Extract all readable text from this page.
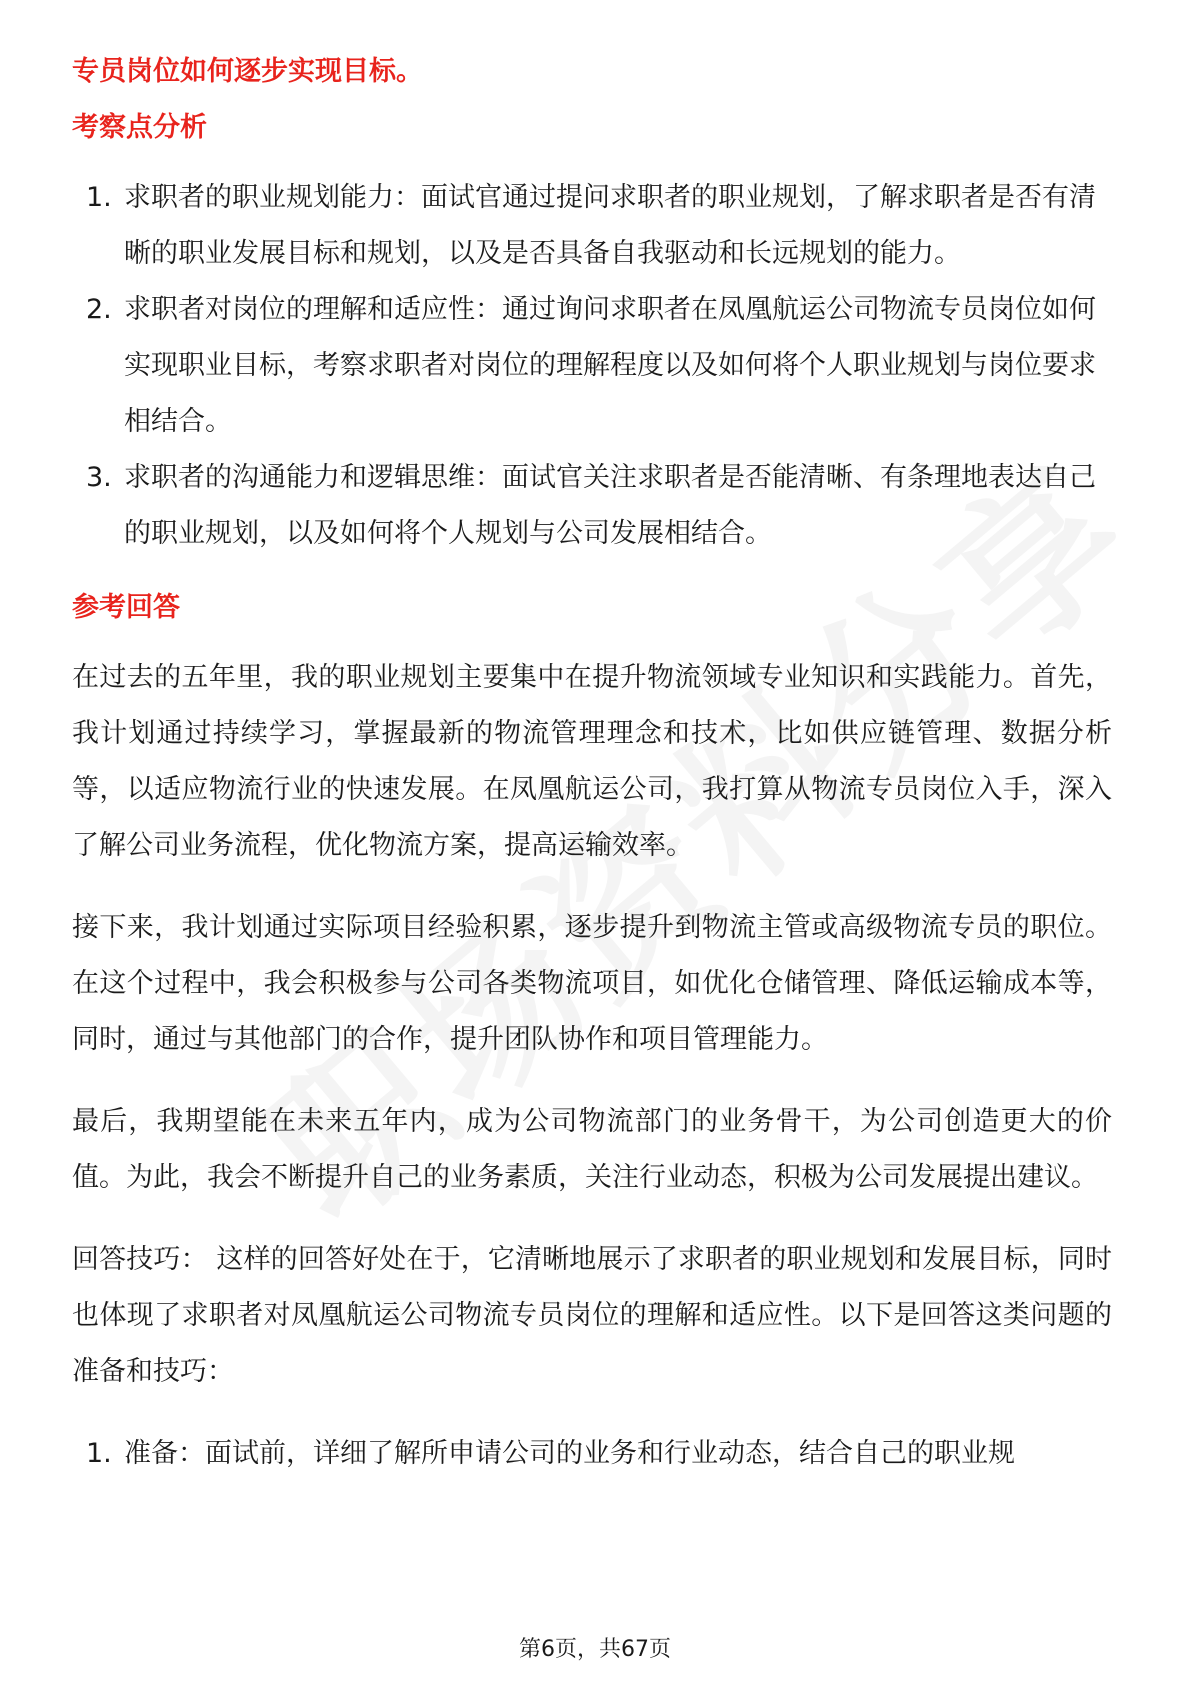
专员岗位如何逐步实现目标。
考察点分析
1. 求职者的职业规划能力：面试官通过提问求职者的职业规划，了解求职者是否有清晰的职业发展目标和规划，以及是否具备自我驱动和长远规划的能力。
2. 求职者对岗位的理解和适应性：通过询问求职者在凤凰航运公司物流专员岗位如何实现职业目标，考察求职者对岗位的理解程度以及如何将个人职业规划与岗位要求相结合。
3. 求职者的沟通能力和逻辑思维：面试官关注求职者是否能清晰、有条理地表达自己的职业规划，以及如何将个人规划与公司发展相结合。
参考回答

在过去的五年里，我的职业规划主要集中在提升物流领域专业知识和实践能力。首先，我计划通过持续学习，掌握最新的物流管理理念和技术，比如供应链管理、数据分析等，以适应物流行业的快速发展。在凤凰航运公司，我打算从物流专员岗位入手，深入了解公司业务流程，优化物流方案，提高运输效率。

接下来，我计划通过实际项目经验积累，逐步提升到物流主管或高级物流专员的职位。在这个过程中，我会积极参与公司各类物流项目，如优化仓储管理、降低运输成本等，同时，通过与其他部门的合作，提升团队协作和项目管理能力。

最后，我期望能在未来五年内，成为公司物流部门的业务骨干，为公司创造更大的价值。为此，我会不断提升自己的业务素质，关注行业动态，积极为公司发展提出建议。

回答技巧： 这样的回答好处在于，它清晰地展示了求职者的职业规划和发展目标，同时也体现了求职者对凤凰航运公司物流专员岗位的理解和适应性。以下是回答这类问题的准备和技巧：

1. 准备：面试前，详细了解所申请公司的业务和行业动态，结合自己的职业规
第6页，共67页
